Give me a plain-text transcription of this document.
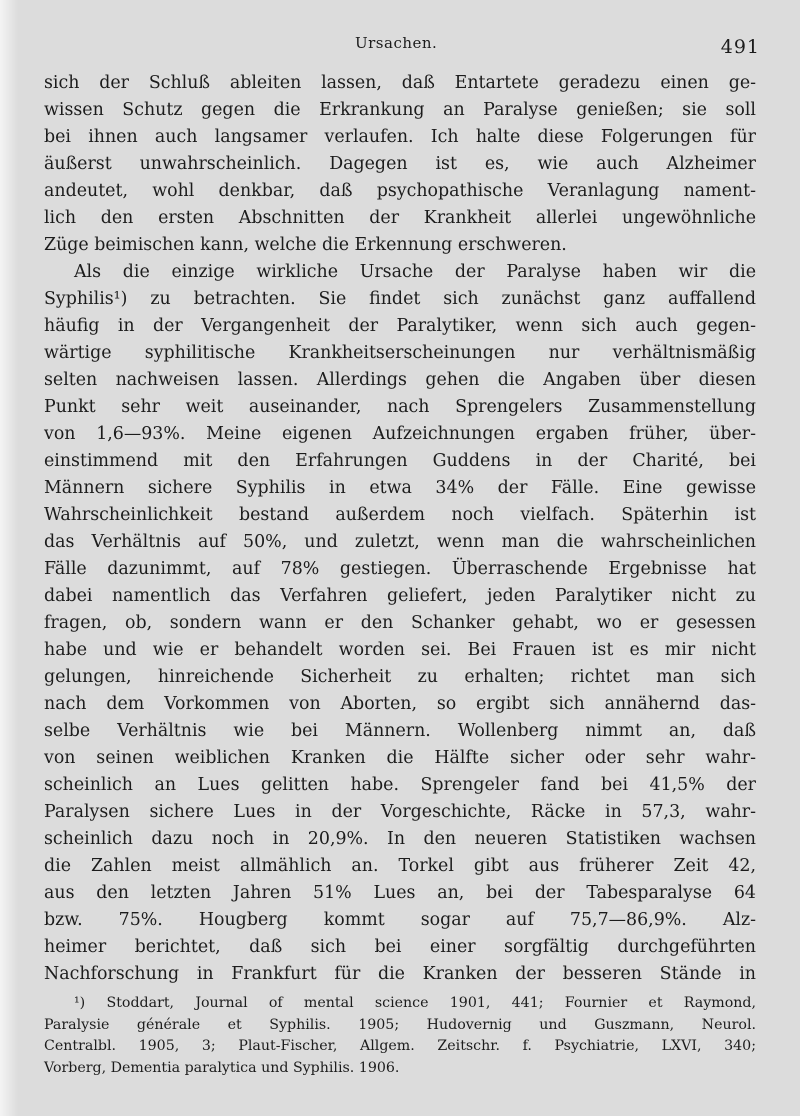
Ursachen.	491
sich der Schluß ableiten lassen, daß Entartete geradezu einen ge-
wissen Schutz gegen die Erkrankung an Paralyse genießen; sie soll
bei ihnen auch langsamer verlaufen. Ich halte diese Folgerungen für
äußerst unwahrscheinlich. Dagegen ist es, wie auch Alzheimer
andeutet, wohl denkbar, daß psychopathische Veranlagung nament-
lich den ersten Abschnitten der Krankheit allerlei ungewöhnliche
Züge beimischen kann, welche die Erkennung erschweren.
Als die einzige wirkliche Ursache der Paralyse haben wir die
Syphilis¹) zu betrachten. Sie findet sich zunächst ganz auffallend
häufig in der Vergangenheit der Paralytiker, wenn sich auch gegen-
wärtige syphilitische Krankheitserscheinungen nur verhältnismäßig
selten nachweisen lassen. Allerdings gehen die Angaben über diesen
Punkt sehr weit auseinander, nach Sprengelers Zusammenstellung
von 1,6—93%. Meine eigenen Aufzeichnungen ergaben früher, über-
einstimmend mit den Erfahrungen Guddens in der Charité, bei
Männern sichere Syphilis in etwa 34% der Fälle. Eine gewisse
Wahrscheinlichkeit bestand außerdem noch vielfach. Späterhin ist
das Verhältnis auf 50%, und zuletzt, wenn man die wahrscheinlichen
Fälle dazunimmt, auf 78% gestiegen. Überraschende Ergebnisse hat
dabei namentlich das Verfahren geliefert, jeden Paralytiker nicht zu
fragen, ob, sondern wann er den Schanker gehabt, wo er gesessen
habe und wie er behandelt worden sei. Bei Frauen ist es mir nicht
gelungen, hinreichende Sicherheit zu erhalten; richtet man sich
nach dem Vorkommen von Aborten, so ergibt sich annähernd das-
selbe Verhältnis wie bei Männern. Wollenberg nimmt an, daß
von seinen weiblichen Kranken die Hälfte sicher oder sehr wahr-
scheinlich an Lues gelitten habe. Sprengeler fand bei 41,5% der
Paralysen sichere Lues in der Vorgeschichte, Räcke in 57,3, wahr-
scheinlich dazu noch in 20,9%. In den neueren Statistiken wachsen
die Zahlen meist allmählich an. Torkel gibt aus früherer Zeit 42,
aus den letzten Jahren 51% Lues an, bei der Tabesparalyse 64
bzw. 75%. Hougberg kommt sogar auf 75,7—86,9%. Alz-
heimer berichtet, daß sich bei einer sorgfältig durchgeführten
Nachforschung in Frankfurt für die Kranken der besseren Stände in
¹) Stoddart, Journal of mental science 1901, 441; Fournier et Raymond,
Paralysie générale et Syphilis. 1905; Hudovernig und Guszmann, Neurol.
Centralbl. 1905, 3; Plaut-Fischer, Allgem. Zeitschr. f. Psychiatrie, LXVI, 340;
Vorberg, Dementia paralytica und Syphilis. 1906.
